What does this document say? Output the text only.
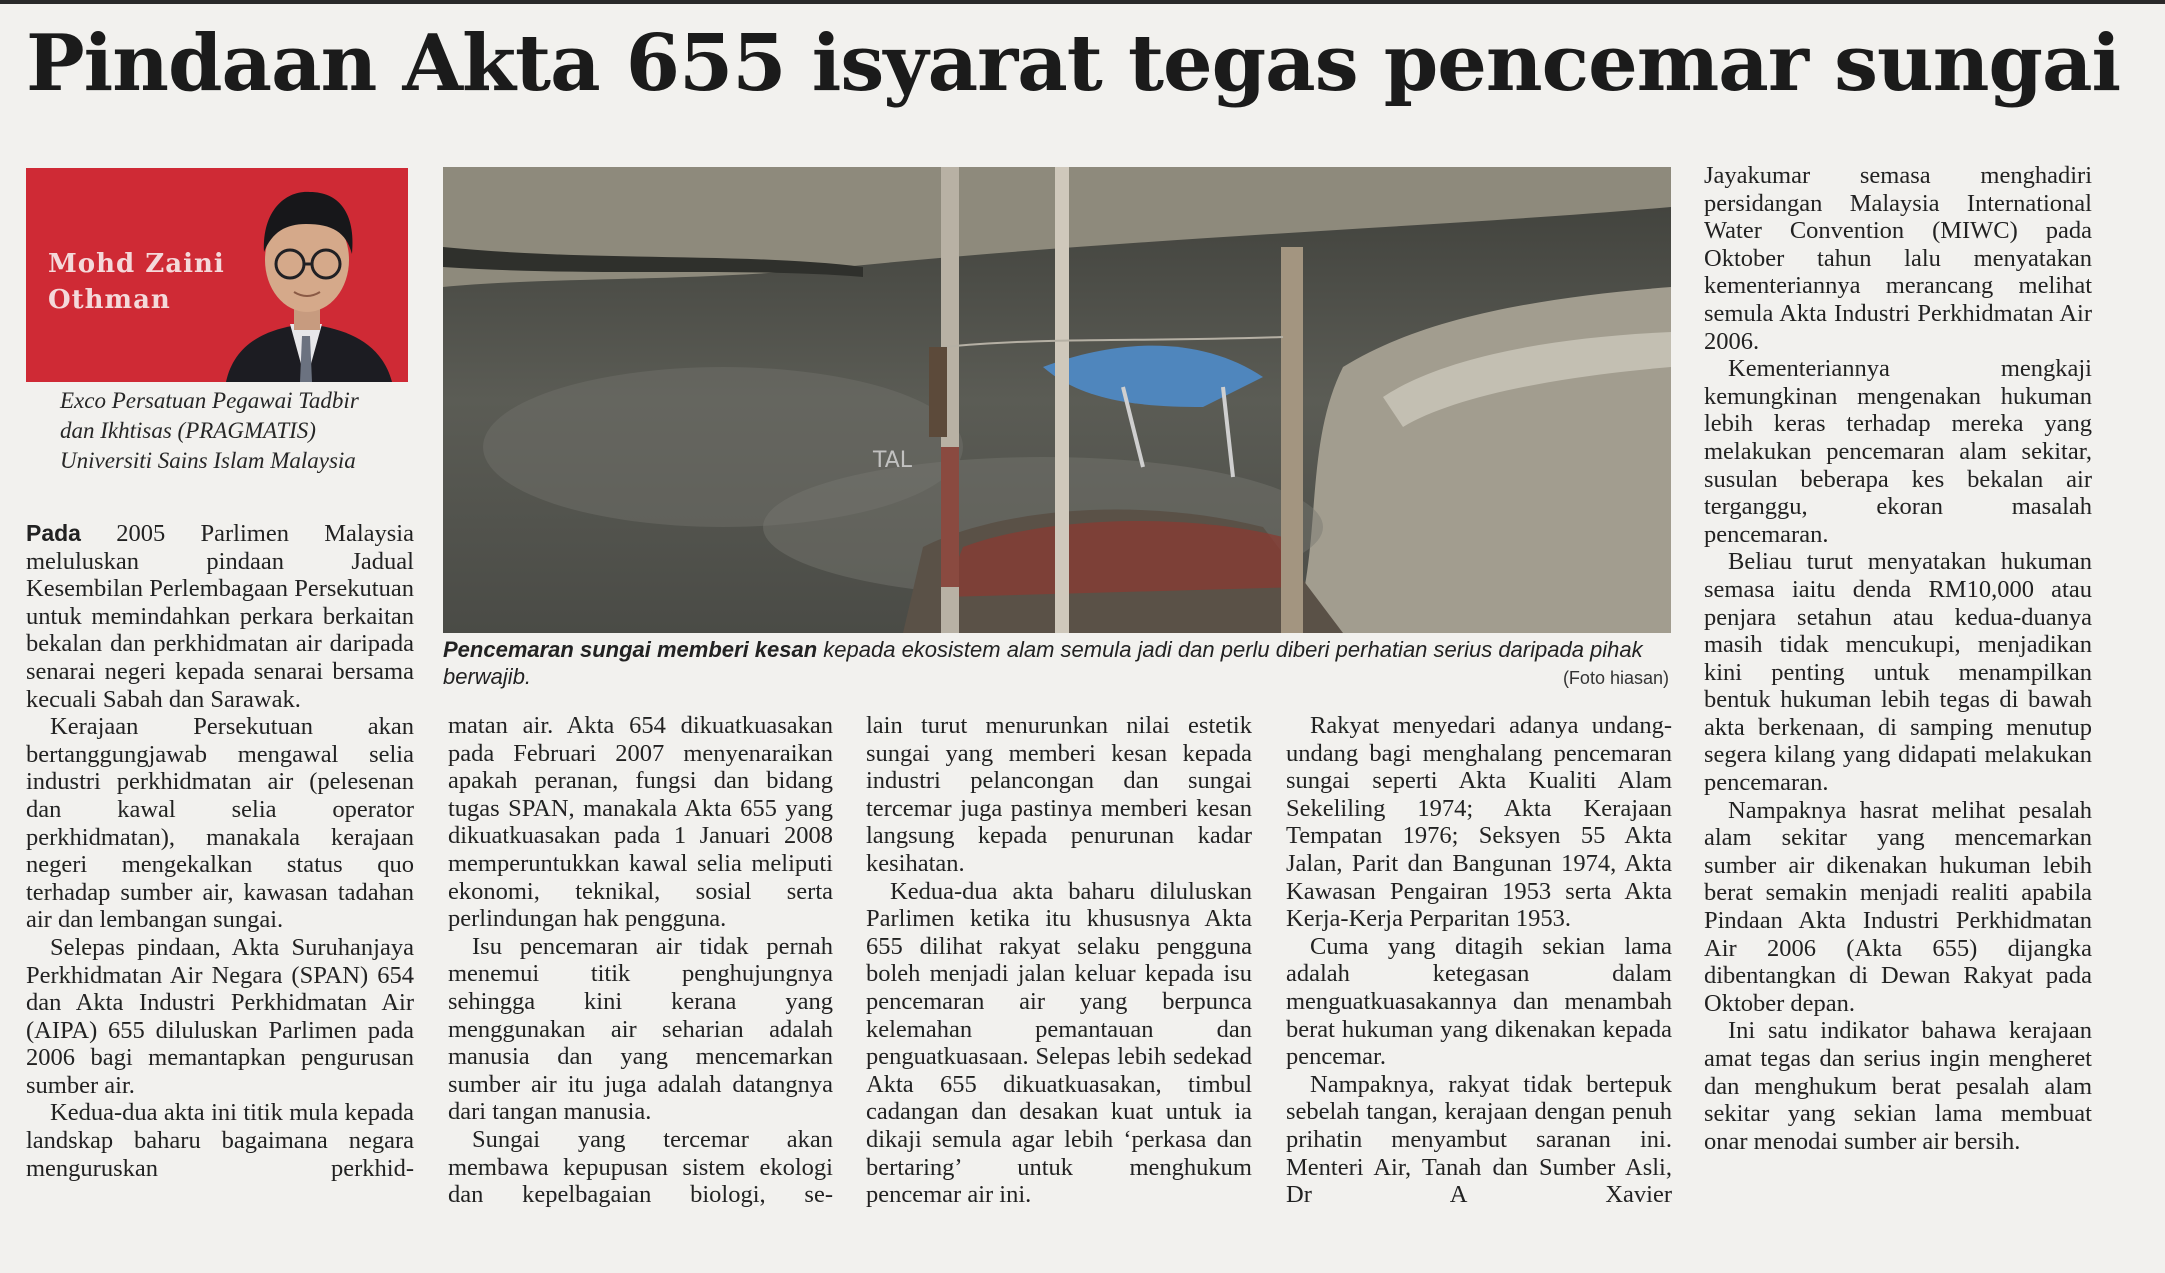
Pindaan Akta 655 isyarat tegas pencemar sungai
Mohd Zaini
Othman
Exco Persatuan Pegawai Tadbir
dan Ikhtisas (PRAGMATIS)
Universiti Sains Islam Malaysia	TAL
Pencemaran sungai memberi kesan kepada ekosistem alam semula jadi dan perlu diberi perhatian serius daripada pihak berwajib.	(Foto hiasan)

Pada 2005 Parlimen Malaysia meluluskan pindaan Jadual Kesembilan Perlembagaan Persekutuan untuk memindahkan perkara berkaitan bekalan dan perkhidmatan air daripada senarai negeri kepada senarai bersama kecuali Sabah dan Sarawak.

Kerajaan Persekutuan akan bertanggungjawab mengawal selia industri perkhidmatan air (pelesenan dan kawal selia operator perkhidmatan), manakala kerajaan negeri mengekalkan status quo terhadap sumber air, kawasan tadahan air dan lembangan sungai.

Selepas pindaan, Akta Suruhanjaya Perkhidmatan Air Negara (SPAN) 654 dan Akta Industri Perkhidmatan Air (AIPA) 655 diluluskan Parlimen pada 2006 bagi memantapkan pengurusan sumber air.

Kedua-dua akta ini titik mula kepada landskap baharu bagaimana negara menguruskan perkhid-

matan air. Akta 654 dikuatkuasakan pada Februari 2007 menyenaraikan apakah peranan, fungsi dan bidang tugas SPAN, manakala Akta 655 yang dikuatkuasakan pada 1 Januari 2008 memperuntukkan kawal selia meliputi ekonomi, teknikal, sosial serta perlindungan hak pengguna.

Isu pencemaran air tidak pernah menemui titik penghujungnya sehingga kini kerana yang menggunakan air seharian adalah manusia dan yang mencemarkan sumber air itu juga adalah datangnya dari tangan manusia.

Sungai yang tercemar akan membawa kepupusan sistem ekologi dan kepelbagaian biologi, se-

lain turut menurunkan nilai estetik sungai yang memberi kesan kepada industri pelancongan dan sungai tercemar juga pastinya memberi kesan langsung kepada penurunan kadar kesihatan.

Kedua-dua akta baharu diluluskan Parlimen ketika itu khususnya Akta 655 dilihat rakyat selaku pengguna boleh menjadi jalan keluar kepada isu pencemaran air yang berpunca kelemahan pemantauan dan penguatkuasaan. Selepas lebih sedekad Akta 655 dikuatkuasakan, timbul cadangan dan desakan kuat untuk ia dikaji semula agar lebih ‘perkasa dan bertaring’ untuk menghukum pencemar air ini.

Rakyat menyedari adanya undang-undang bagi menghalang pencemaran sungai seperti Akta Kualiti Alam Sekeliling 1974; Akta Kerajaan Tempatan 1976; Seksyen 55 Akta Jalan, Parit dan Bangunan 1974, Akta Kawasan Pengairan 1953 serta Akta Kerja-Kerja Perparitan 1953.

Cuma yang ditagih sekian lama adalah ketegasan dalam menguatkuasakannya dan menambah berat hukuman yang dikenakan kepada pencemar.

Nampaknya, rakyat tidak bertepuk sebelah tangan, kerajaan dengan penuh prihatin menyambut saranan ini. Menteri Air, Tanah dan Sumber Asli, Dr A Xavier

Jayakumar semasa menghadiri persidangan Malaysia International Water Convention (MIWC) pada Oktober tahun lalu menyatakan kementeriannya merancang melihat semula Akta Industri Perkhidmatan Air 2006.

Kementeriannya mengkaji kemungkinan mengenakan hukuman lebih keras terhadap mereka yang melakukan pencemaran alam sekitar, susulan beberapa kes bekalan air terganggu, ekoran masalah pencemaran.

Beliau turut menyatakan hukuman semasa iaitu denda RM10,000 atau penjara setahun atau kedua-duanya masih tidak mencukupi, menjadikan kini penting untuk menampilkan bentuk hukuman lebih tegas di bawah akta berkenaan, di samping menutup segera kilang yang didapati melakukan pencemaran.

Nampaknya hasrat melihat pesalah alam sekitar yang mencemarkan sumber air dikenakan hukuman lebih berat semakin menjadi realiti apabila Pindaan Akta Industri Perkhidmatan Air 2006 (Akta 655) dijangka dibentangkan di Dewan Rakyat pada Oktober depan.

Ini satu indikator bahawa kerajaan amat tegas dan serius ingin mengheret dan menghukum berat pesalah alam sekitar yang sekian lama membuat onar menodai sumber air bersih.
